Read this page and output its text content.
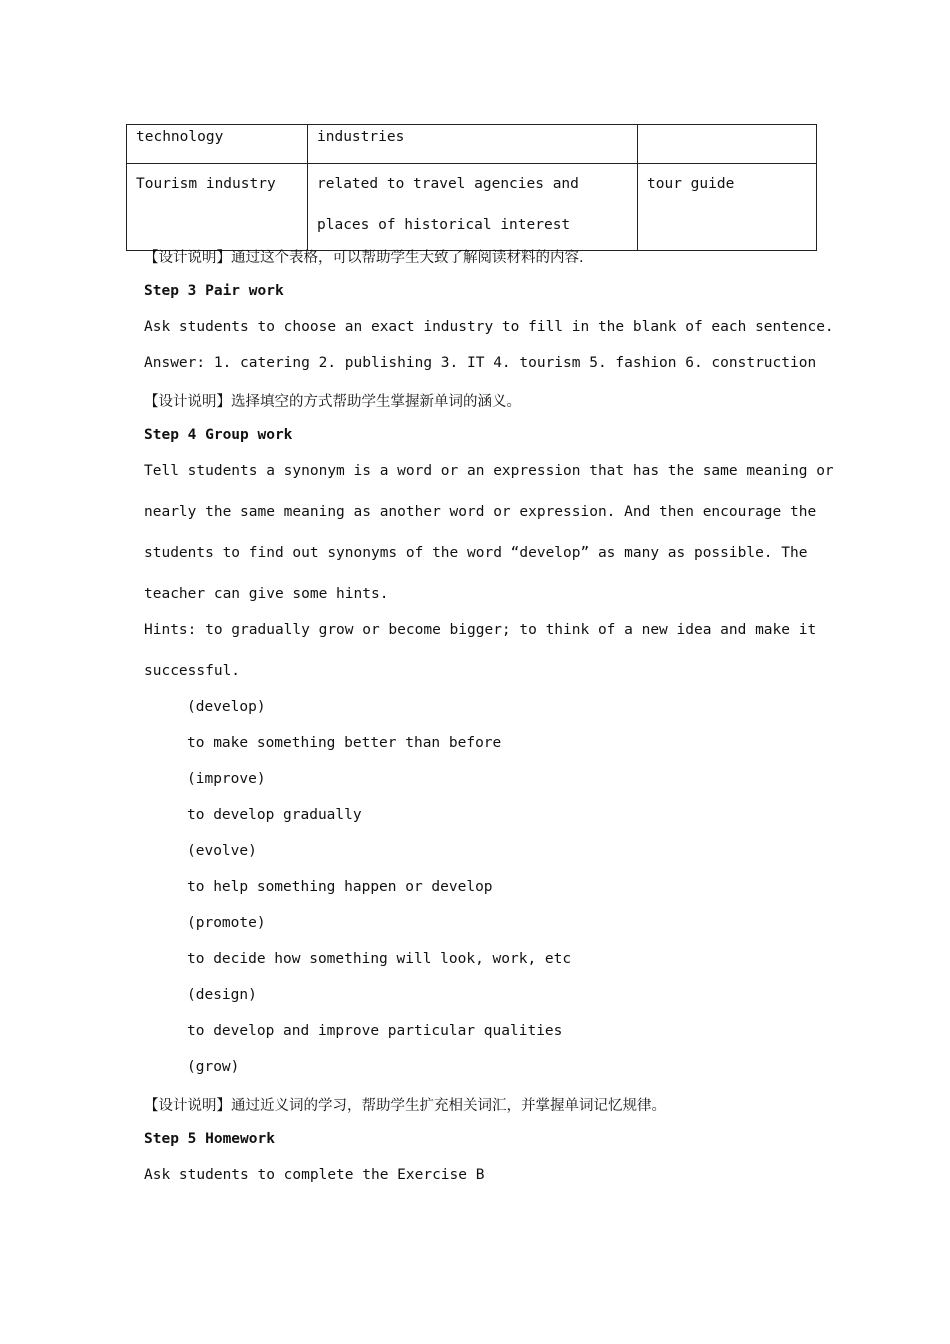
technology	industries	
Tourism industry	related to travel agencies and places of historical interest	tour guide
【设计说明】通过这个表格，可以帮助学生大致了解阅读材料的内容.
Step 3 Pair work
Ask students to choose an exact industry to fill in the blank of each sentence.
Answer: 1. catering 2. publishing 3. IT 4. tourism 5. fashion 6. construction
【设计说明】选择填空的方式帮助学生掌握新单词的涵义。
Step 4 Group work
Tell students a synonym is a word or an expression that has the same meaning or
nearly the same meaning as another word or expression. And then encourage the
students to find out synonyms of the word “develop” as many as possible. The
teacher can give some hints.
Hints: to gradually grow or become bigger; to think of a new idea and make it
successful.
(develop)
to make something better than before
(improve)
to develop gradually
(evolve)
to help something happen or develop
(promote)
to decide how something will look, work, etc
(design)
to develop and improve particular qualities
(grow)
【设计说明】通过近义词的学习，帮助学生扩充相关词汇，并掌握单词记忆规律。
Step 5 Homework
Ask students to complete the Exercise B
